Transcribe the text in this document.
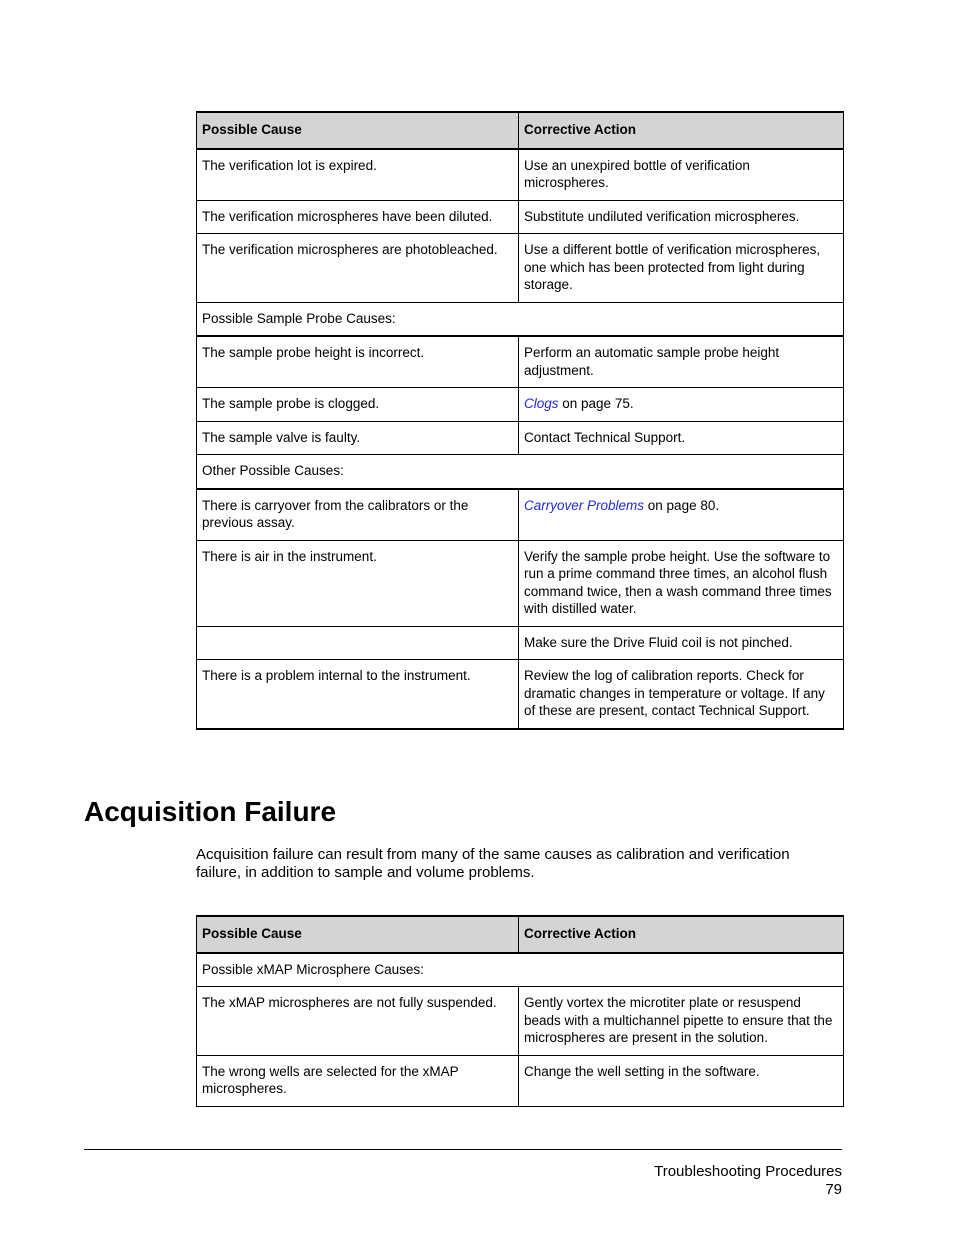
Possible Cause	Corrective Action
The verification lot is expired.	Use an unexpired bottle of verification microspheres.
The verification microspheres have been diluted.	Substitute undiluted verification microspheres.
The verification microspheres are photobleached.	Use a different bottle of verification microspheres, one which has been protected from light during storage.
Possible Sample Probe Causes:	
The sample probe height is incorrect.	Perform an automatic sample probe height adjustment.
The sample probe is clogged.	Clogs on page 75.
The sample valve is faulty.	Contact Technical Support.
Other Possible Causes:	
There is carryover from the calibrators or the previous assay.	Carryover Problems on page 80.
There is air in the instrument.	Verify the sample probe height. Use the software to run a prime command three times, an alcohol flush command twice, then a wash command three times with distilled water.
	Make sure the Drive Fluid coil is not pinched.
There is a problem internal to the instrument.	Review the log of calibration reports. Check for dramatic changes in temperature or voltage. If any of these are present, contact Technical Support.
Acquisition Failure

Acquisition failure can result from many of the same causes as calibration and verification failure, in addition to sample and volume problems.

Possible Cause	Corrective Action
Possible xMAP Microsphere Causes:	
The xMAP microspheres are not fully suspended.	Gently vortex the microtiter plate or resuspend beads with a multichannel pipette to ensure that the microspheres are present in the solution.
The wrong wells are selected for the xMAP microspheres.	Change the well setting in the software.
Troubleshooting Procedures
79
